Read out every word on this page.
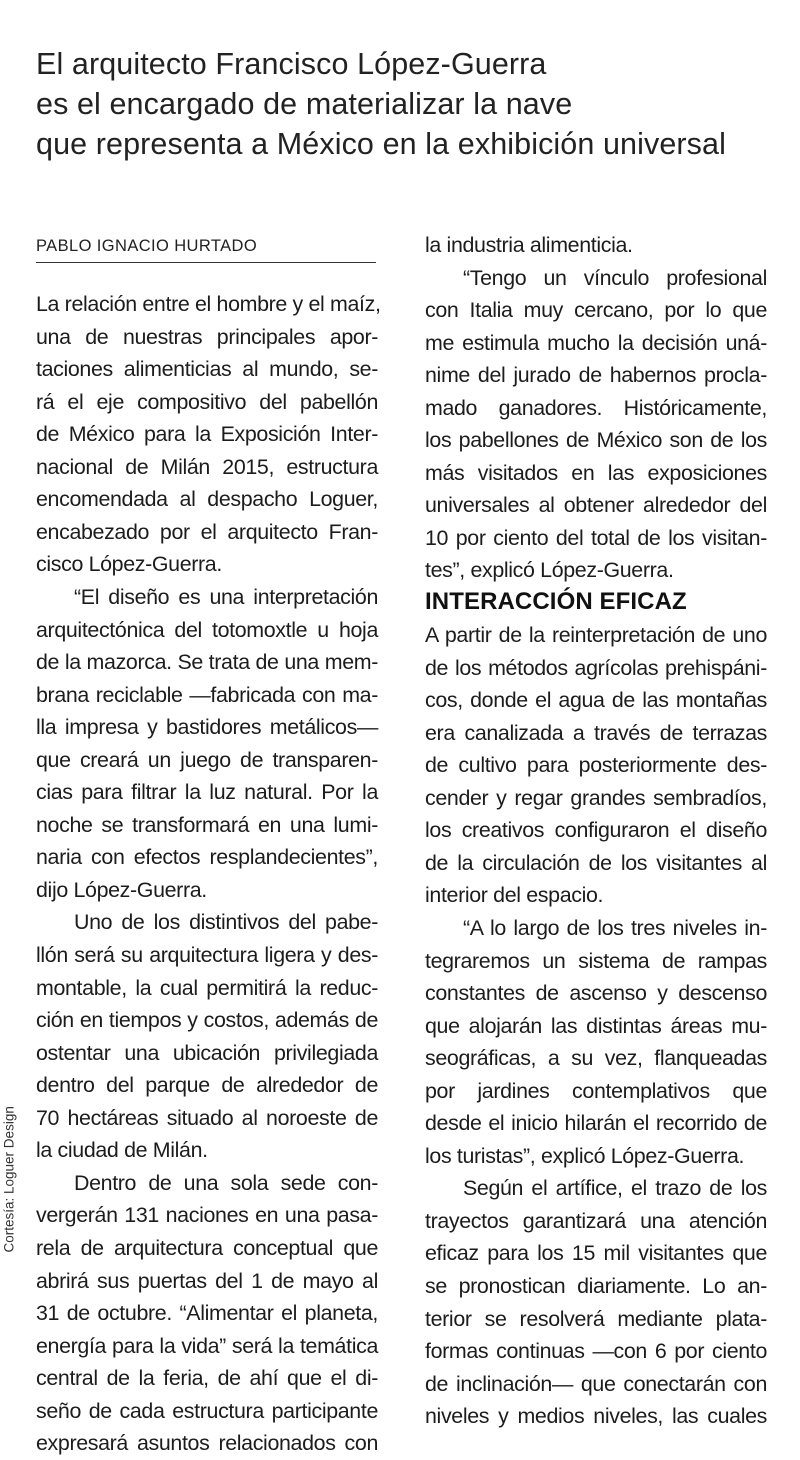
El arquitecto Francisco López-Guerra
es el encargado de materializar la nave
que representa a México en la exhibición universal
PABLO IGNACIO HURTADO
La relación entre el hombre y el maíz,
una de nuestras principales apor-
taciones alimenticias al mundo, se-
rá el eje compositivo del pabellón
de México para la Exposición Inter-
nacional de Milán 2015, estructura
encomendada al despacho Loguer,
encabezado por el arquitecto Fran-
cisco López-Guerra.
“El diseño es una interpretación
arquitectónica del totomoxtle u hoja
de la mazorca. Se trata de una mem-
brana reciclable —fabricada con ma-
lla impresa y bastidores metálicos—
que creará un juego de transparen-
cias para filtrar la luz natural. Por la
noche se transformará en una lumi-
naria con efectos resplandecientes”,
dijo López-Guerra.
Uno de los distintivos del pabe-
llón será su arquitectura ligera y des-
montable, la cual permitirá la reduc-
ción en tiempos y costos, además de
ostentar una ubicación privilegiada
dentro del parque de alrededor de
70 hectáreas situado al noroeste de
la ciudad de Milán.
Dentro de una sola sede con-
vergerán 131 naciones en una pasa-
rela de arquitectura conceptual que
abrirá sus puertas del 1 de mayo al
31 de octubre. “Alimentar el planeta,
energía para la vida” será la temática
central de la feria, de ahí que el di-
seño de cada estructura participante
expresará asuntos relacionados con
la industria alimenticia.
“Tengo un vínculo profesional
con Italia muy cercano, por lo que
me estimula mucho la decisión uná-
nime del jurado de habernos procla-
mado ganadores. Históricamente,
los pabellones de México son de los
más visitados en las exposiciones
universales al obtener alrededor del
10 por ciento del total de los visitan-
tes”, explicó López-Guerra.
INTERACCIÓN EFICAZ
A partir de la reinterpretación de uno
de los métodos agrícolas prehispáni-
cos, donde el agua de las montañas
era canalizada a través de terrazas
de cultivo para posteriormente des-
cender y regar grandes sembradíos,
los creativos configuraron el diseño
de la circulación de los visitantes al
interior del espacio.
“A lo largo de los tres niveles in-
tegraremos un sistema de rampas
constantes de ascenso y descenso
que alojarán las distintas áreas mu-
seográficas, a su vez, flanqueadas
por jardines contemplativos que
desde el inicio hilarán el recorrido de
los turistas”, explicó López-Guerra.
Según el artífice, el trazo de los
trayectos garantizará una atención
eficaz para los 15 mil visitantes que
se pronostican diariamente. Lo an-
terior se resolverá mediante plata-
formas continuas —con 6 por ciento
de inclinación— que conectarán con
niveles y medios niveles, las cuales
Cortesía: Loguer Design
